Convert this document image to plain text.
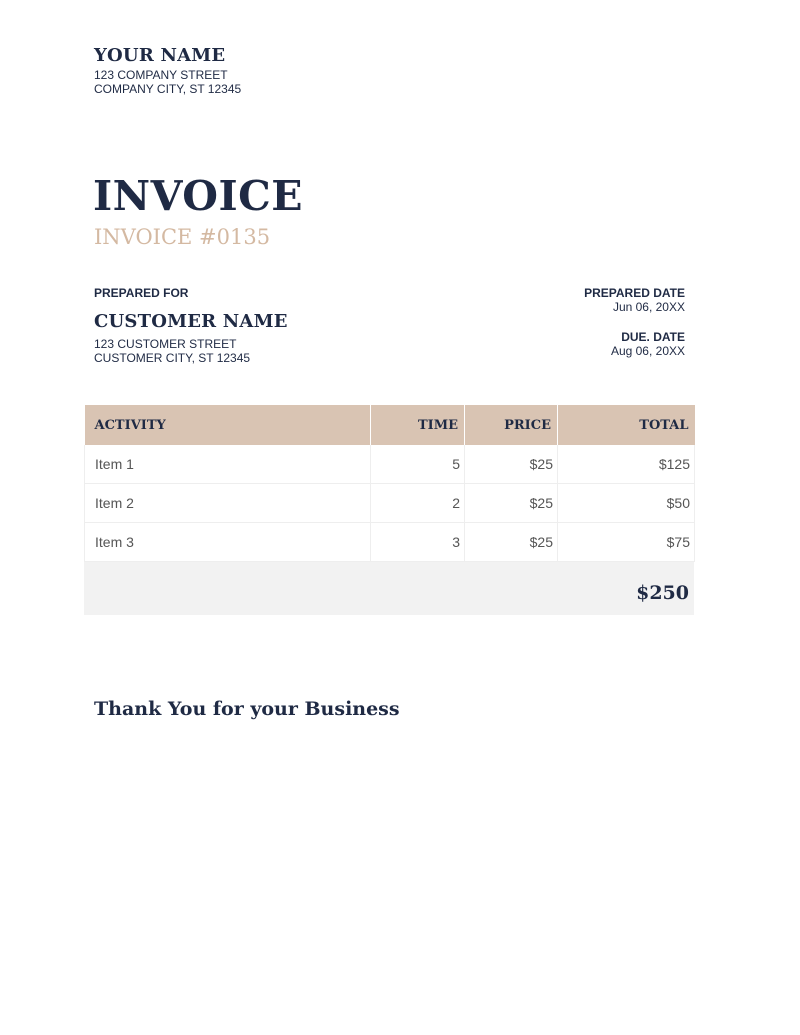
YOUR NAME
123 COMPANY STREET
COMPANY CITY, ST 12345
INVOICE
INVOICE #0135
PREPARED FOR
CUSTOMER NAME
123 CUSTOMER STREET
CUSTOMER CITY, ST 12345
PREPARED DATE
Jun 06, 20XX
DUE. DATE
Aug 06, 20XX
ACTIVITY	TIME	PRICE	TOTAL
Item 1	5	$25	$125
Item 2	2	$25	$50
Item 3	3	$25	$75
$250
Thank You for your Business
